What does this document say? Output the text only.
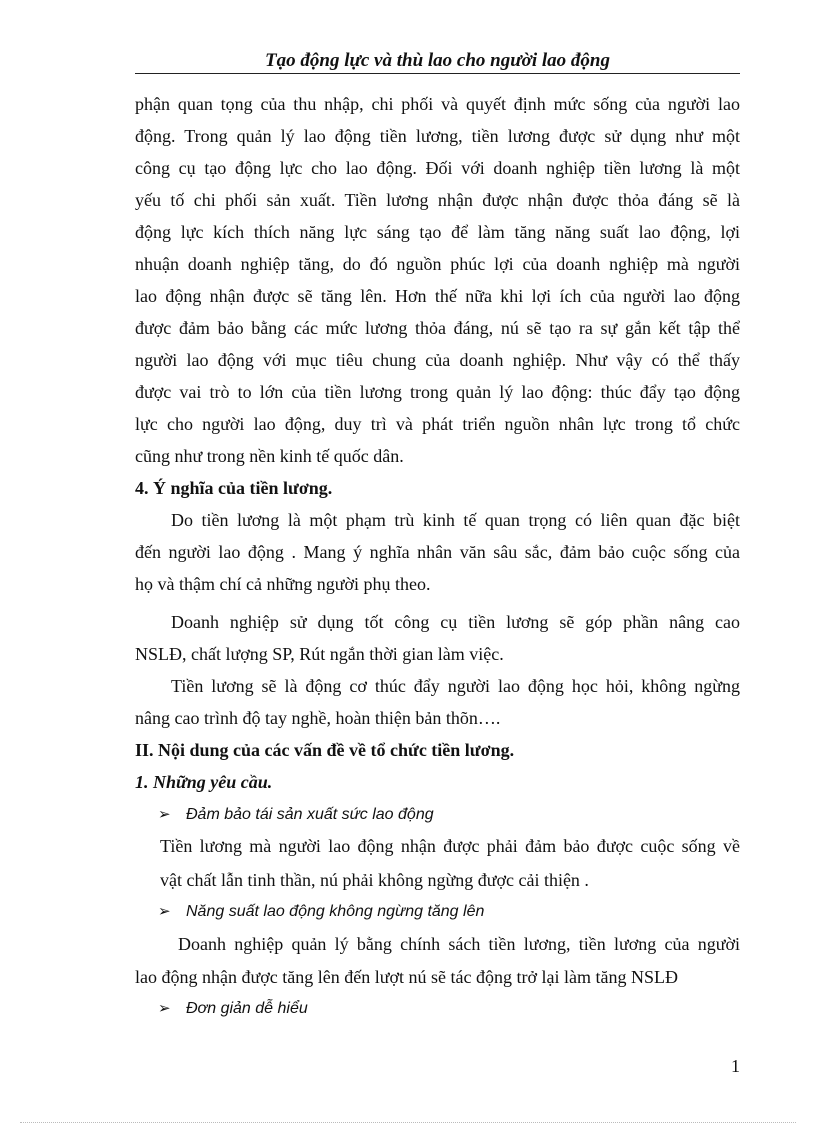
Tạo động lực và thù lao cho người lao động
phận quan tọng của thu nhập, chi phối và quyết định mức sống của người lao
động. Trong quản lý lao động tiền lương, tiền lương được sử dụng như một
công cụ tạo động lực cho lao động. Đối với doanh nghiệp tiền lương là một
yếu tố chi phối sản xuất. Tiền lương nhận được nhận được thỏa đáng sẽ là
động lực kích thích năng lực sáng tạo để làm tăng năng suất lao động, lợi
nhuận doanh nghiệp tăng, do đó nguồn phúc lợi của doanh nghiệp mà người
lao động nhận được sẽ tăng lên. Hơn thế nữa khi lợi ích của người lao động
được đảm bảo bằng các mức lương thỏa đáng, nú sẽ tạo ra sự gắn kết tập thể
người lao động với mục tiêu chung của doanh nghiệp. Như vậy có thể thấy
được vai trò to lớn của tiền lương trong quản lý lao động: thúc đẩy tạo động
lực cho người lao động, duy trì và phát triển nguồn nhân lực trong tổ chức
cũng như trong nền kinh tế quốc dân.
4. Ý nghĩa của tiền lương.
Do tiền lương là một phạm trù kinh tế quan trọng có liên quan đặc biệt
đến người lao động . Mang ý nghĩa nhân văn sâu sắc, đảm bảo cuộc sống của
họ và thậm chí cả những người phụ theo.
Doanh nghiệp sử dụng tốt công cụ tiền lương sẽ góp phần nâng cao
NSLĐ, chất lượng SP, Rút ngắn thời gian làm việc.
Tiền lương sẽ là động cơ thúc đẩy người lao động học hỏi, không ngừng
nâng cao trình độ tay nghề, hoàn thiện bản thõn….
II. Nội dung của các vấn đề về tổ chức tiền lương.
1. Những yêu cầu.
➢ Đảm bảo tái sản xuất sức lao động
Tiền lương mà người lao động nhận được phải đảm bảo được cuộc sống về
vật chất lẫn tinh thần, nú phải không ngừng được cải thiện .
➢ Năng suất lao động không ngừng tăng lên
Doanh nghiệp quản lý bằng chính sách tiền lương, tiền lương của người
lao động nhận được tăng lên đến lượt nú sẽ tác động trở lại làm tăng NSLĐ
➢ Đơn giản dễ hiểu
1
